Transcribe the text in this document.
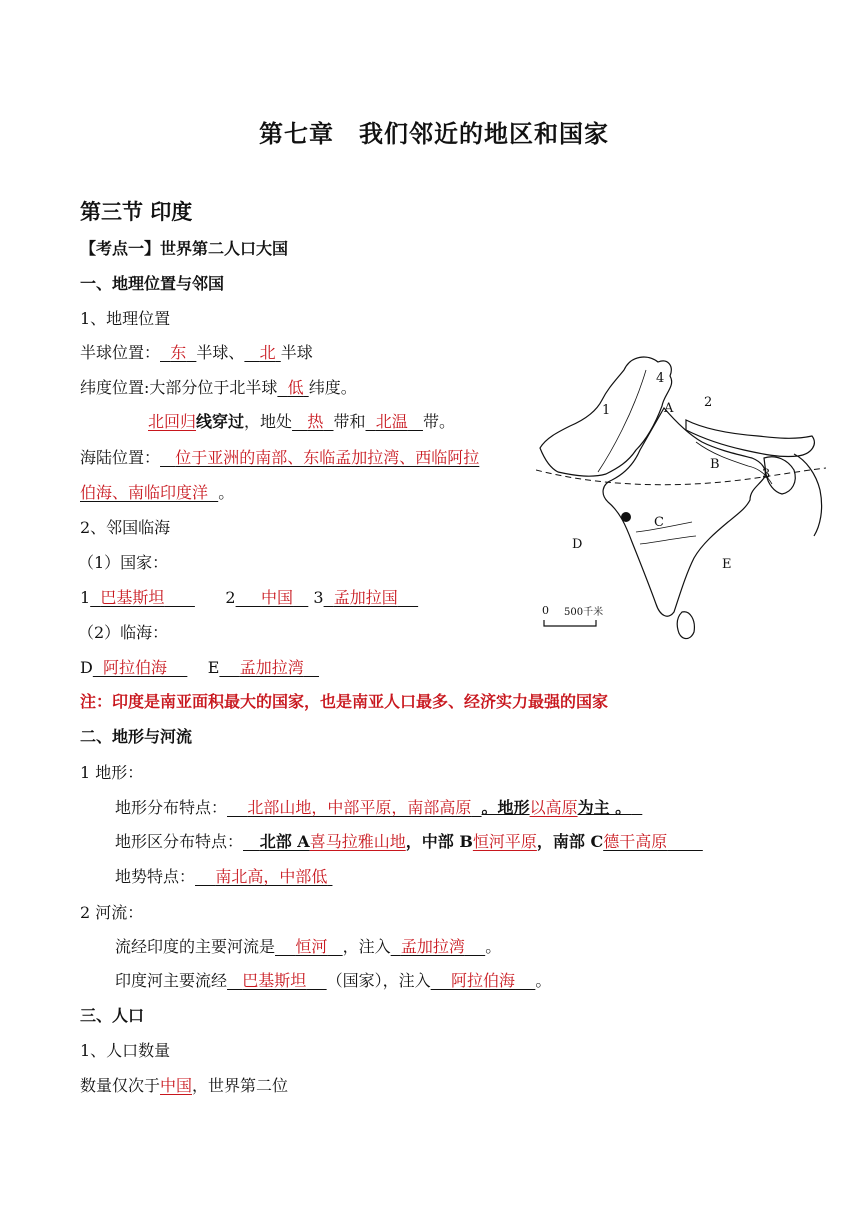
第七章　我们邻近的地区和国家
第三节 印度
【考点一】世界第二人口大国
一、地理位置与邻国
1、地理位置
半球位置： 东 半球、 北 半球
纬度位置:大部分位于北半球 低 纬度。
北回归线穿过，地处 热 带和 北温 带。
海陆位置： 位于亚洲的南部、东临孟加拉湾、西临阿拉
伯海、南临印度洋 。
2、邻国临海
（1）国家：
1 巴基斯坦	2 中国 3 孟加拉国
（2）临海：
D 阿拉伯海	E 孟加拉湾
注：印度是南亚面积最大的国家，也是南亚人口最多、经济实力最强的国家
二、地形与河流
1 地形：
地形分布特点： 北部山地，中部平原，南部高原 。地形以高原为主 。
地形区分布特点： 北部 A喜马拉雅山地，中部 B恒河平原，南部 C德干高原
地势特点： 南北高，中部低
2 河流：
流经印度的主要河流是 恒河 ，注入 孟加拉湾 。
印度河主要流经 巴基斯坦 （国家），注入 阿拉伯海 。
三、人口
1、人口数量
数量仅次于中国，世界第二位
1
2
3
4
A
B
C
D
E
0 500千米
